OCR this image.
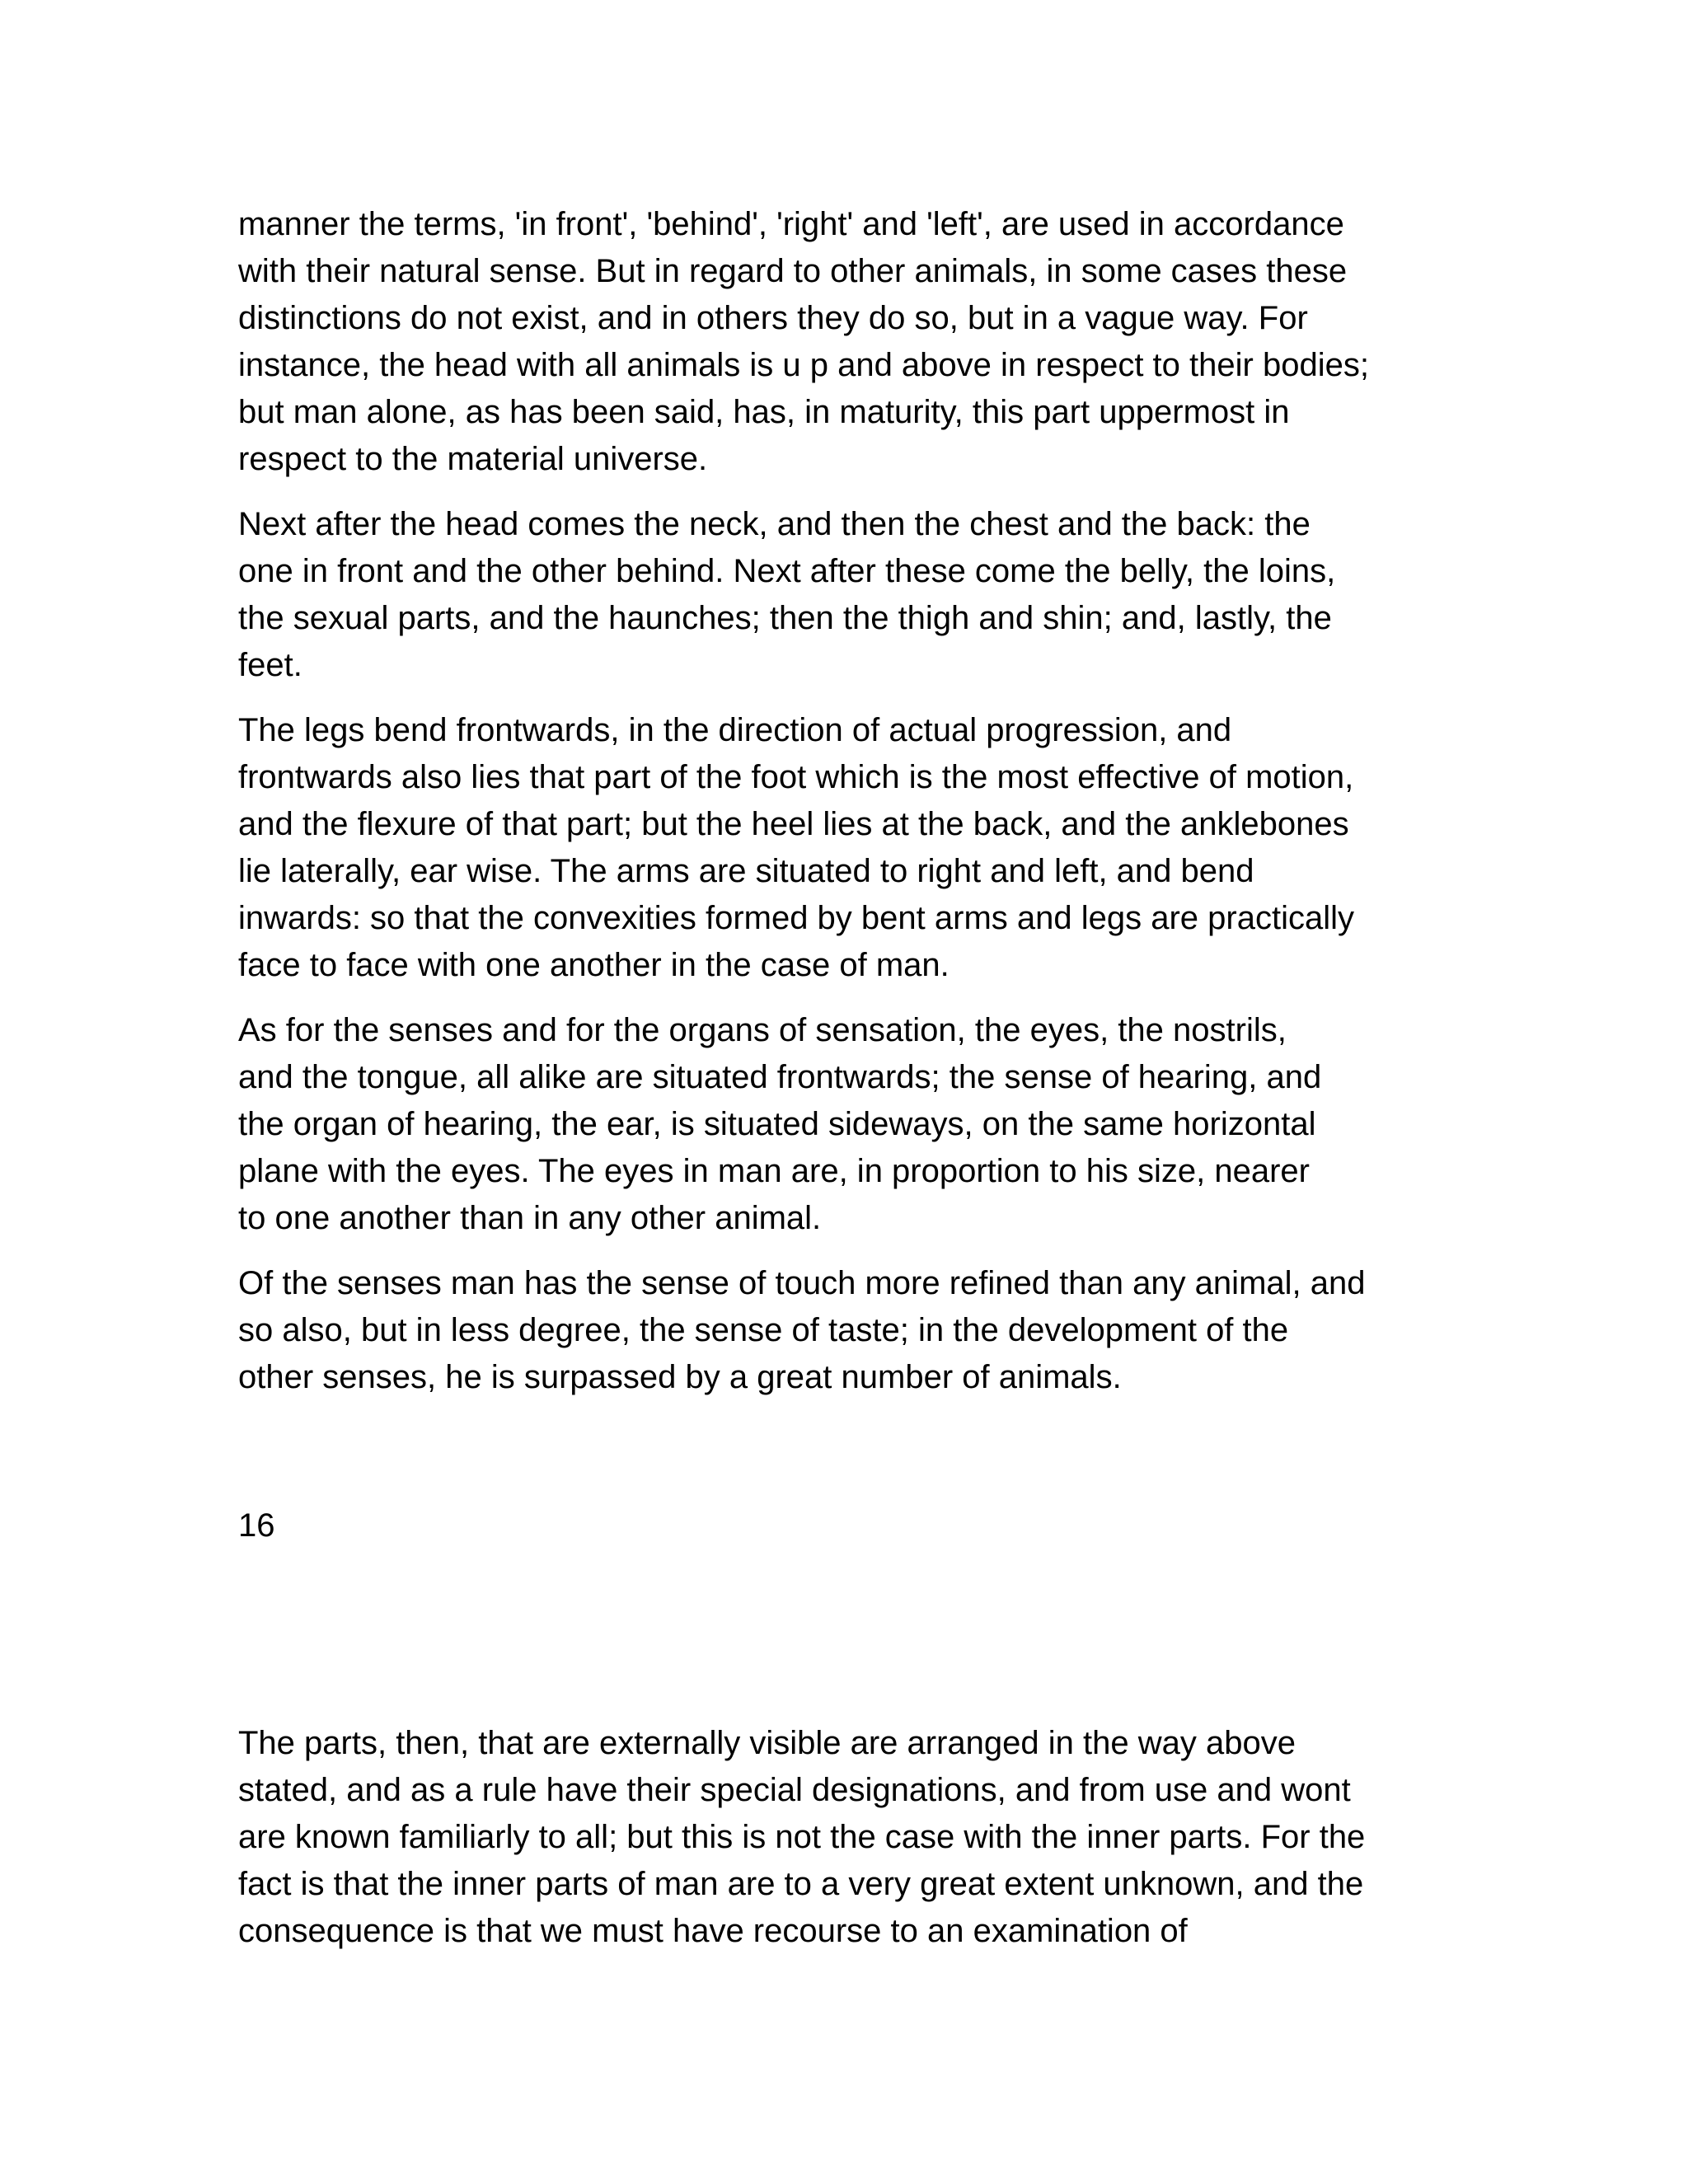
manner the terms, 'in front', 'behind', 'right' and 'left', are used in accordance
with their natural sense. But in regard to other animals, in some cases these
distinctions do not exist, and in others they do so, but in a vague way. For
instance, the head with all animals is u p and above in respect to their bodies;
but man alone, as has been said, has, in maturity, this part uppermost in
respect to the material universe.

Next after the head comes the neck, and then the chest and the back: the
one in front and the other behind. Next after these come the belly, the loins,
the sexual parts, and the haunches; then the thigh and shin; and, lastly, the
feet.

The legs bend frontwards, in the direction of actual progression, and
frontwards also lies that part of the foot which is the most effective of motion,
and the flexure of that part; but the heel lies at the back, and the anklebones
lie laterally, ear wise. The arms are situated to right and left, and bend
inwards: so that the convexities formed by bent arms and legs are practically
face to face with one another in the case of man.

As for the senses and for the organs of sensation, the eyes, the nostrils,
and the tongue, all alike are situated frontwards; the sense of hearing, and
the organ of hearing, the ear, is situated sideways, on the same horizontal
plane with the eyes. The eyes in man are, in proportion to his size, nearer
to one another than in any other animal.

Of the senses man has the sense of touch more refined than any animal, and
so also, but in less degree, the sense of taste; in the development of the
other senses, he is surpassed by a great number of animals.

16

The parts, then, that are externally visible are arranged in the way above
stated, and as a rule have their special designations, and from use and wont
are known familiarly to all; but this is not the case with the inner parts. For the
fact is that the inner parts of man are to a very great extent unknown, and the
consequence is that we must have recourse to an examination of
